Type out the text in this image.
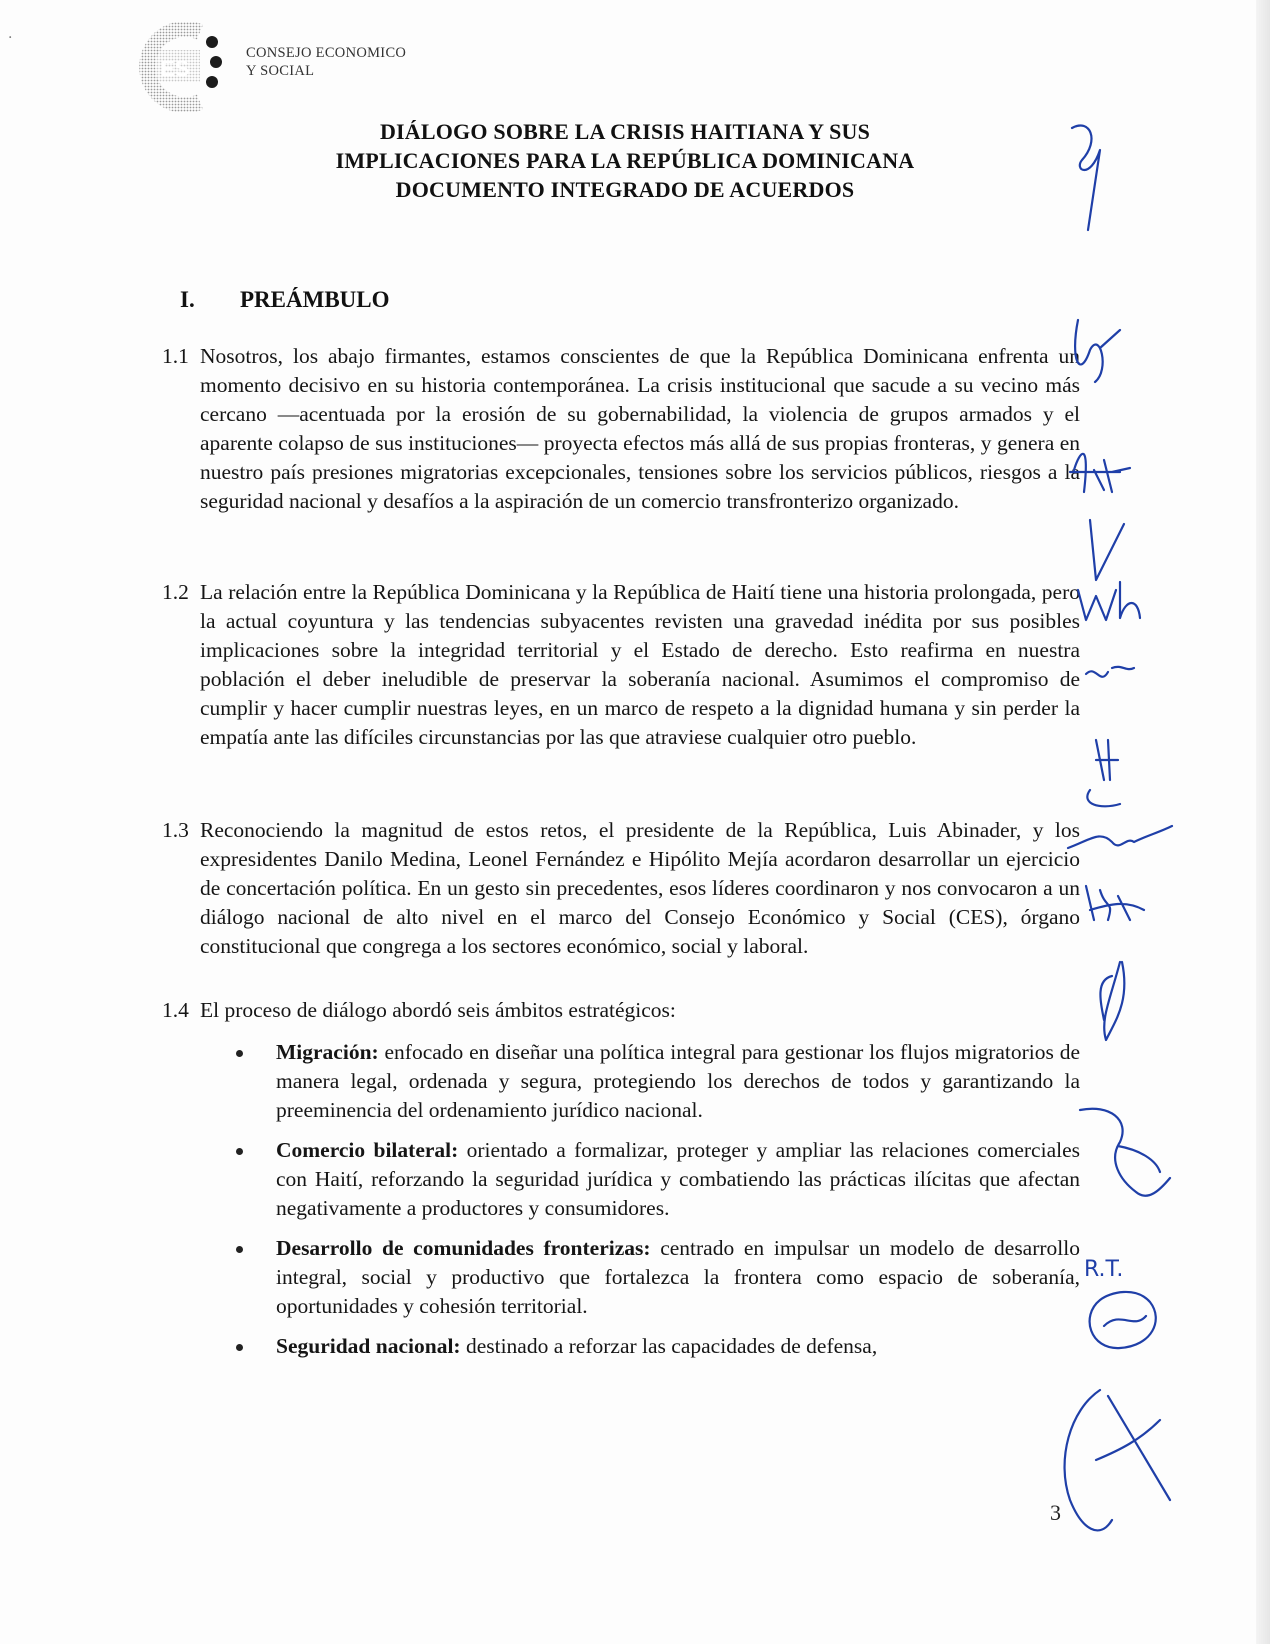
·
ES
CONSEJO ECONOMICO
Y SOCIAL
DIÁLOGO SOBRE LA CRISIS HAITIANA Y SUS
IMPLICACIONES PARA LA REPÚBLICA DOMINICANA
DOCUMENTO INTEGRADO DE ACUERDOS
I. PREÁMBULO
1.1 Nosotros, los abajo firmantes, estamos conscientes de que la República Dominicana enfrenta un momento decisivo en su historia contemporánea. La crisis institucional que sacude a su vecino más cercano —acentuada por la erosión de su gobernabilidad, la violencia de grupos armados y el aparente colapso de sus instituciones— proyecta efectos más allá de sus propias fronteras, y genera en nuestro país presiones migratorias excepcionales, tensiones sobre los servicios públicos, riesgos a la seguridad nacional y desafíos a la aspiración de un comercio transfronterizo organizado.
1.2 La relación entre la República Dominicana y la República de Haití tiene una historia prolongada, pero la actual coyuntura y las tendencias subyacentes revisten una gravedad inédita por sus posibles implicaciones sobre la integridad territorial y el Estado de derecho. Esto reafirma en nuestra población el deber ineludible de preservar la soberanía nacional. Asumimos el compromiso de cumplir y hacer cumplir nuestras leyes, en un marco de respeto a la dignidad humana y sin perder la empatía ante las difíciles circunstancias por las que atraviese cualquier otro pueblo.
1.3 Reconociendo la magnitud de estos retos, el presidente de la República, Luis Abinader, y los expresidentes Danilo Medina, Leonel Fernández e Hipólito Mejía acordaron desarrollar un ejercicio de concertación política. En un gesto sin precedentes, esos líderes coordinaron y nos convocaron a un diálogo nacional de alto nivel en el marco del Consejo Económico y Social (CES), órgano constitucional que congrega a los sectores económico, social y laboral.
1.4 El proceso de diálogo abordó seis ámbitos estratégicos:
Migración: enfocado en diseñar una política integral para gestionar los flujos migratorios de manera legal, ordenada y segura, protegiendo los derechos de todos y garantizando la preeminencia del ordenamiento jurídico nacional.
Comercio bilateral: orientado a formalizar, proteger y ampliar las relaciones comerciales con Haití, reforzando la seguridad jurídica y combatiendo las prácticas ilícitas que afectan negativamente a productores y consumidores.
Desarrollo de comunidades fronterizas: centrado en impulsar un modelo de desarrollo integral, social y productivo que fortalezca la frontera como espacio de soberanía, oportunidades y cohesión territorial.
Seguridad nacional: destinado a reforzar las capacidades de defensa,
3
R.T.
